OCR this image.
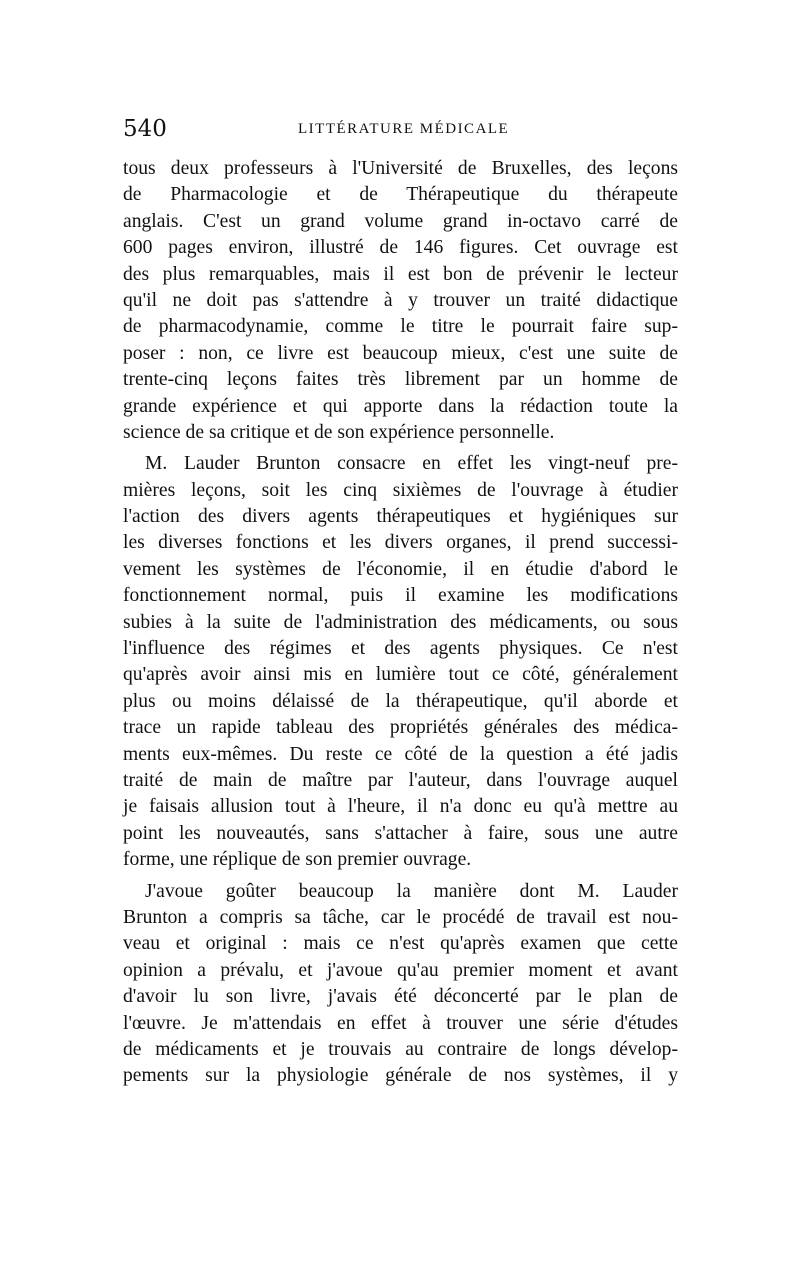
540	LITTÉRATURE MÉDICALE
tous deux professeurs à l'Université de Bruxelles, des leçons
de Pharmacologie et de Thérapeutique du thérapeute
anglais. C'est un grand volume grand in-octavo carré de
600 pages environ, illustré de 146 figures. Cet ouvrage est
des plus remarquables, mais il est bon de prévenir le lecteur
qu'il ne doit pas s'attendre à y trouver un traité didactique
de pharmacodynamie, comme le titre le pourrait faire sup-
poser : non, ce livre est beaucoup mieux, c'est une suite de
trente-cinq leçons faites très librement par un homme de
grande expérience et qui apporte dans la rédaction toute la
science de sa critique et de son expérience personnelle.
M. Lauder Brunton consacre en effet les vingt-neuf pre-
mières leçons, soit les cinq sixièmes de l'ouvrage à étudier
l'action des divers agents thérapeutiques et hygiéniques sur
les diverses fonctions et les divers organes, il prend successi-
vement les systèmes de l'économie, il en étudie d'abord le
fonctionnement normal, puis il examine les modifications
subies à la suite de l'administration des médicaments, ou sous
l'influence des régimes et des agents physiques. Ce n'est
qu'après avoir ainsi mis en lumière tout ce côté, généralement
plus ou moins délaissé de la thérapeutique, qu'il aborde et
trace un rapide tableau des propriétés générales des médica-
ments eux-mêmes. Du reste ce côté de la question a été jadis
traité de main de maître par l'auteur, dans l'ouvrage auquel
je faisais allusion tout à l'heure, il n'a donc eu qu'à mettre au
point les nouveautés, sans s'attacher à faire, sous une autre
forme, une réplique de son premier ouvrage.
J'avoue goûter beaucoup la manière dont M. Lauder
Brunton a compris sa tâche, car le procédé de travail est nou-
veau et original : mais ce n'est qu'après examen que cette
opinion a prévalu, et j'avoue qu'au premier moment et avant
d'avoir lu son livre, j'avais été déconcerté par le plan de
l'œuvre. Je m'attendais en effet à trouver une série d'études
de médicaments et je trouvais au contraire de longs dévelop-
pements sur la physiologie générale de nos systèmes, il y
